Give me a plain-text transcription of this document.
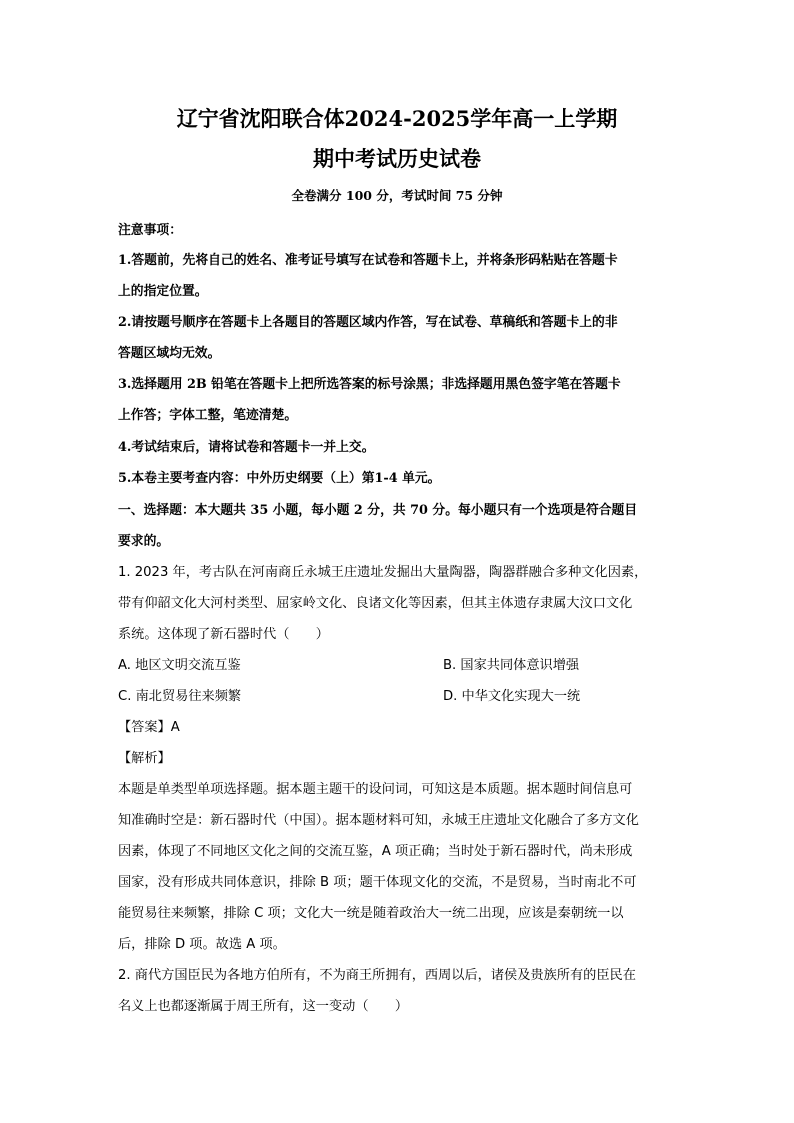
辽宁省沈阳联合体2024-2025学年高一上学期
期中考试历史试卷
全卷满分 100 分，考试时间 75 分钟
注意事项：
1.答题前，先将自己的姓名、准考证号填写在试卷和答题卡上，并将条形码粘贴在答题卡
上的指定位置。
2.请按题号顺序在答题卡上各题目的答题区域内作答，写在试卷、草稿纸和答题卡上的非
答题区域均无效。
3.选择题用 2B 铅笔在答题卡上把所选答案的标号涂黑；非选择题用黑色签字笔在答题卡
上作答；字体工整，笔迹清楚。
4.考试结束后，请将试卷和答题卡一并上交。
5.本卷主要考查内容：中外历史纲要（上）第1-4 单元。
一、选择题：本大题共 35 小题，每小题 2 分，共 70 分。每小题只有一个选项是符合题目
要求的。
1. 2023 年，考古队在河南商丘永城王庄遗址发掘出大量陶器，陶器群融合多种文化因素，
带有仰韶文化大河村类型、屈家岭文化、良诸文化等因素，但其主体遗存隶属大汶口文化
系统。这体现了新石器时代（　　）
A. 地区文明交流互鉴	B. 国家共同体意识增强
C. 南北贸易往来频繁	D. 中华文化实现大一统
【答案】A
【解析】
本题是单类型单项选择题。据本题主题干的设问词，可知这是本质题。据本题时间信息可
知准确时空是：新石器时代（中国）。据本题材料可知，永城王庄遗址文化融合了多方文化
因素，体现了不同地区文化之间的交流互鉴，A 项正确；当时处于新石器时代，尚未形成
国家，没有形成共同体意识，排除 B 项；题干体现文化的交流，不是贸易，当时南北不可
能贸易往来频繁，排除 C 项；文化大一统是随着政治大一统二出现，应该是秦朝统一以
后，排除 D 项。故选 A 项。
2. 商代方国臣民为各地方伯所有，不为商王所拥有，西周以后，诸侯及贵族所有的臣民在
名义上也都逐渐属于周王所有，这一变动（　　）
